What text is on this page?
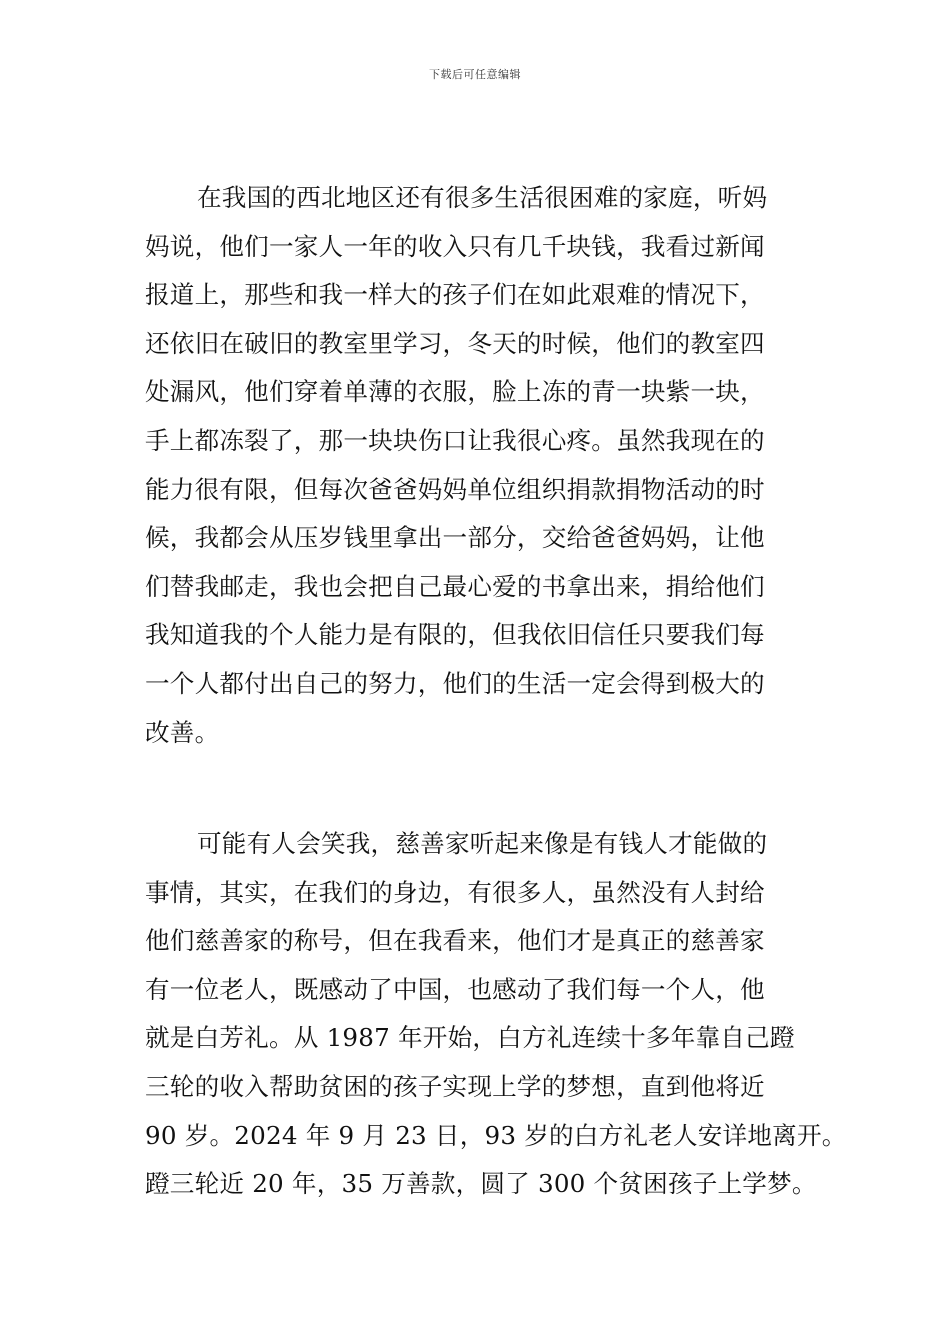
下载后可任意编辑
在我国的西北地区还有很多生活很困难的家庭，听妈
妈说，他们一家人一年的收入只有几千块钱，我看过新闻
报道上，那些和我一样大的孩子们在如此艰难的情况下，
还依旧在破旧的教室里学习，冬天的时候，他们的教室四
处漏风，他们穿着单薄的衣服，脸上冻的青一块紫一块，
手上都冻裂了，那一块块伤口让我很心疼。虽然我现在的
能力很有限，但每次爸爸妈妈单位组织捐款捐物活动的时
候，我都会从压岁钱里拿出一部分，交给爸爸妈妈，让他
们替我邮走，我也会把自己最心爱的书拿出来，捐给他们
我知道我的个人能力是有限的，但我依旧信任只要我们每
一个人都付出自己的努力，他们的生活一定会得到极大的
改善。
可能有人会笑我，慈善家听起来像是有钱人才能做的
事情，其实，在我们的身边，有很多人，虽然没有人封给
他们慈善家的称号，但在我看来，他们才是真正的慈善家
有一位老人，既感动了中国，也感动了我们每一个人，他
就是白芳礼。从 1987 年开始，白方礼连续十多年靠自己蹬
三轮的收入帮助贫困的孩子实现上学的梦想，直到他将近
90 岁。2024 年 9 月 23 日，93 岁的白方礼老人安详地离开。
蹬三轮近 20 年，35 万善款，圆了 300 个贫困孩子上学梦。
